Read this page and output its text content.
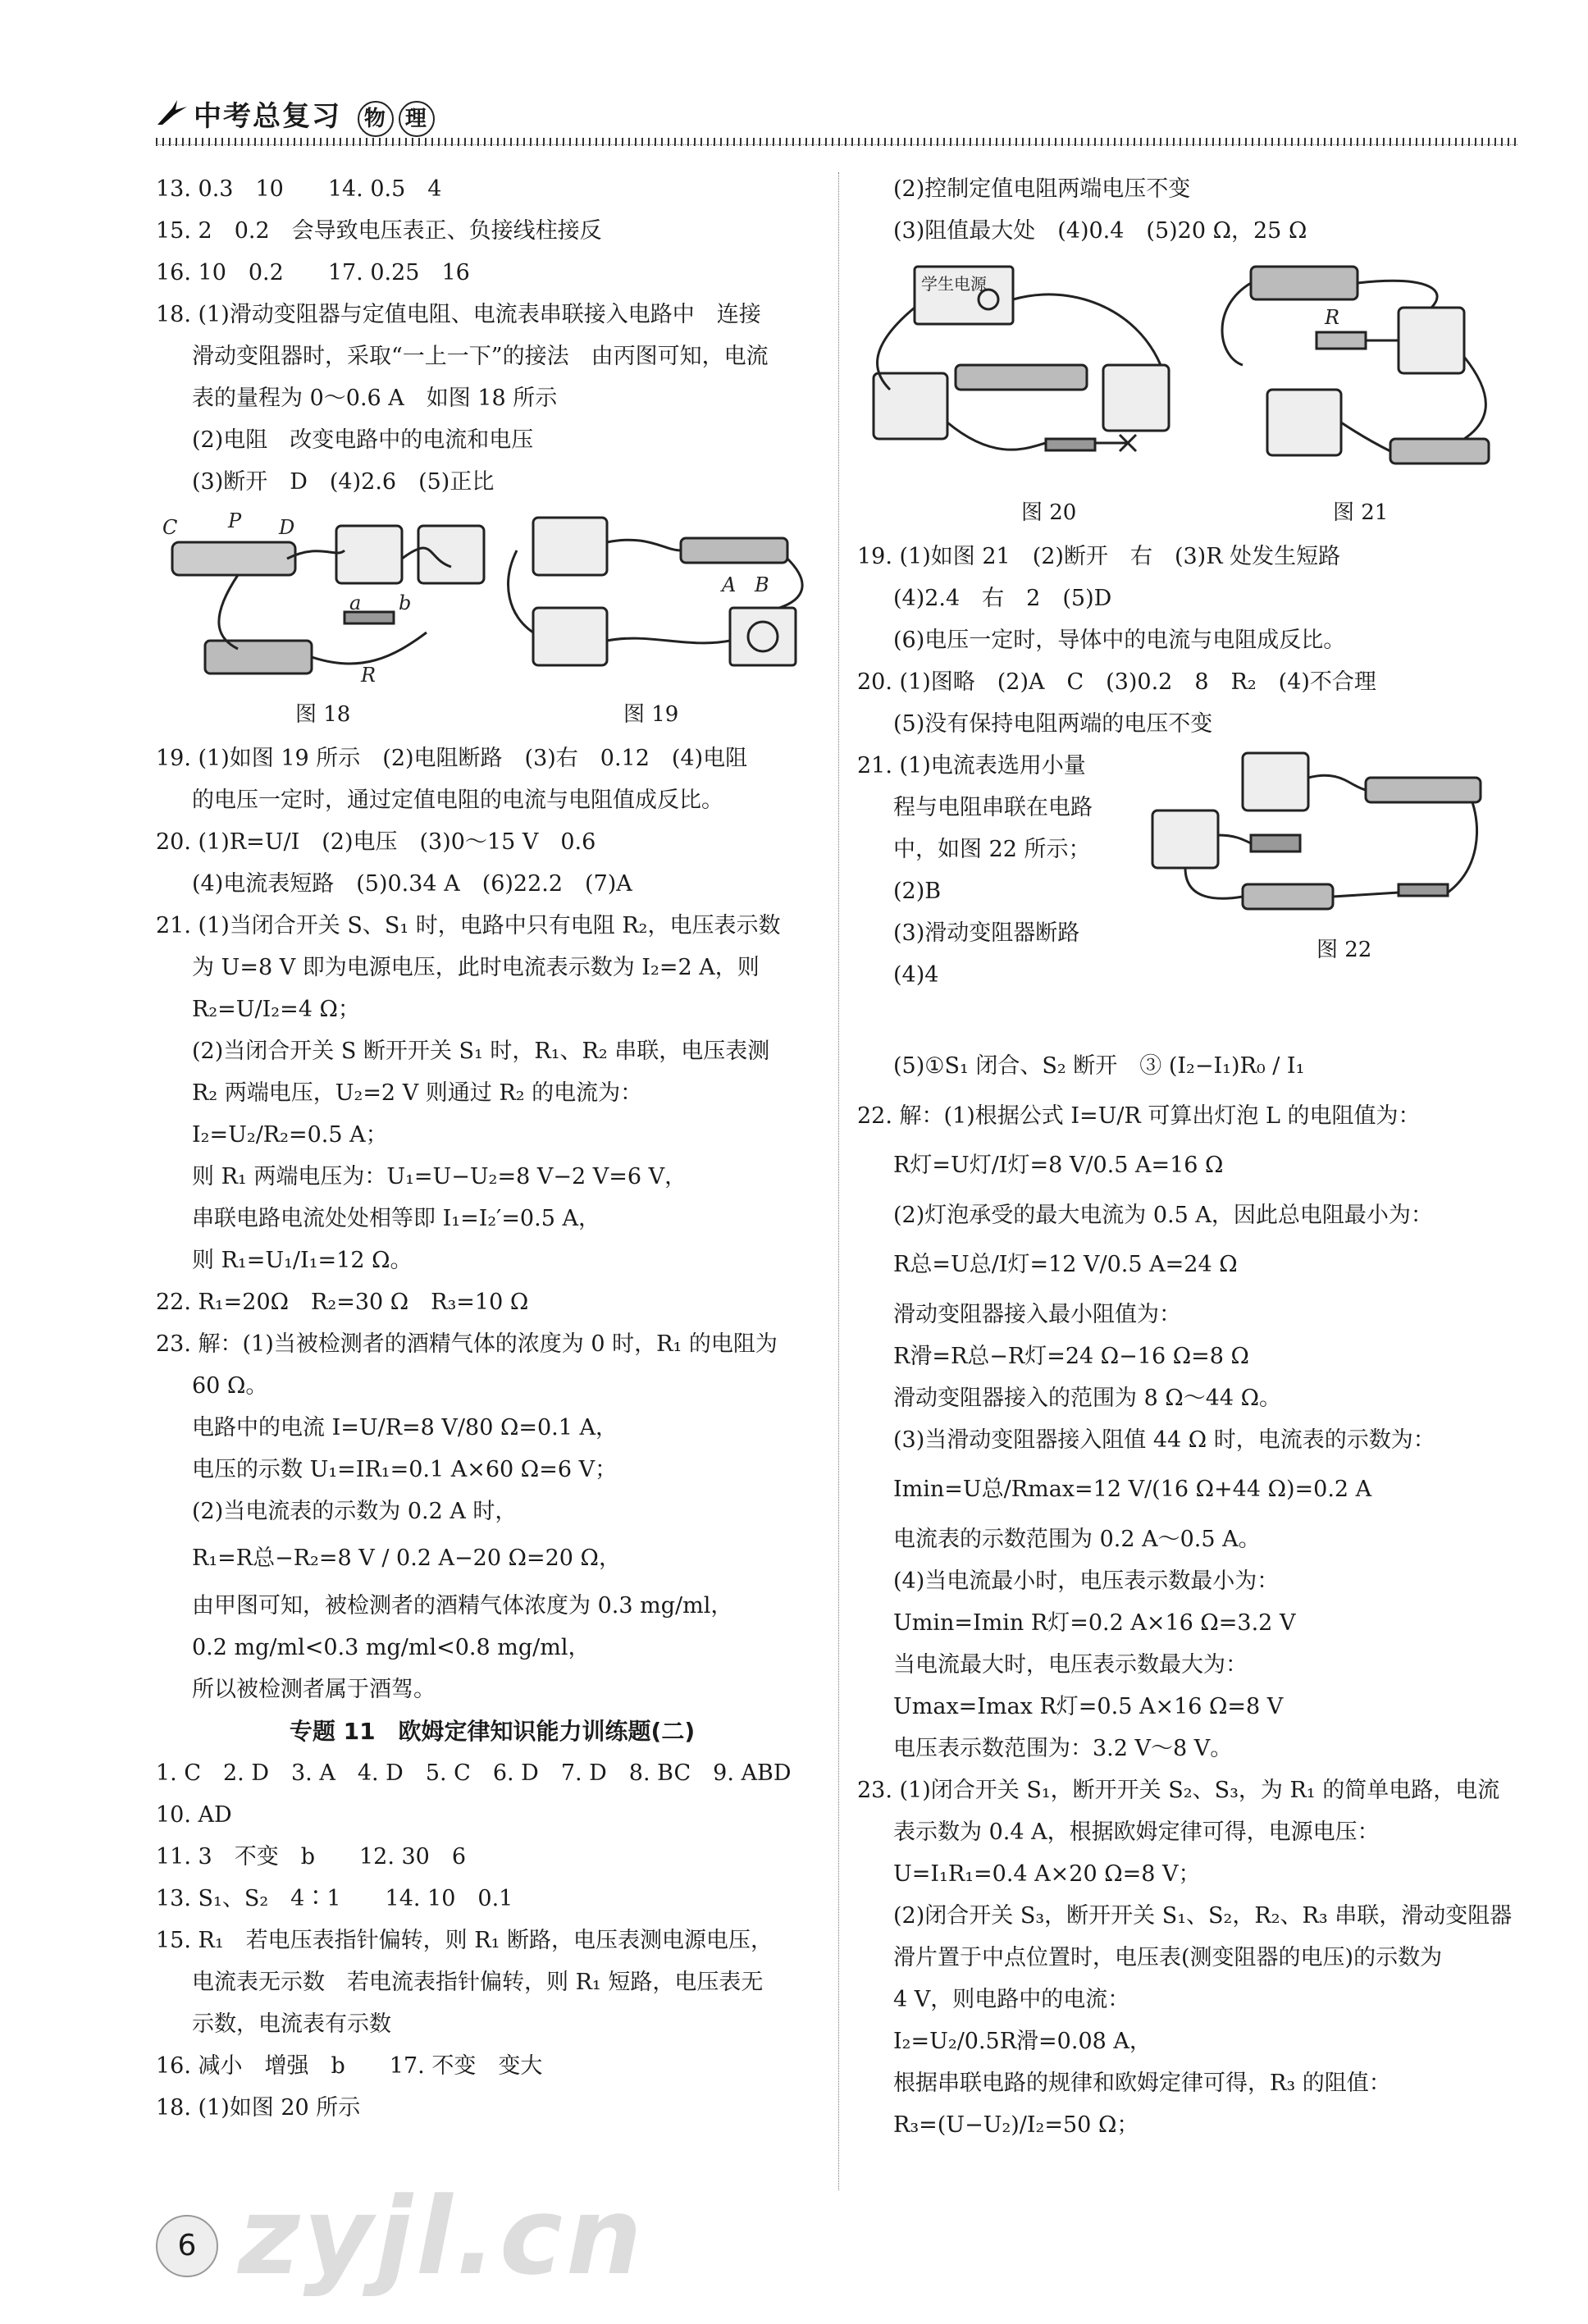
中考总复习 物 理
13. 0.3　10　　14. 0.5　4
15. 2　0.2　会导致电压表正、负接线柱接反
16. 10　0.2　　17. 0.25　16
18. (1)滑动变阻器与定值电阻、电流表串联接入电路中　连接
滑动变阻器时，采取“一上一下”的接法　由丙图可知，电流
表的量程为 0～0.6 A　如图 18 所示
(2)电阻　改变电路中的电流和电压
(3)断开　D　(4)2.6　(5)正比
C	P D
a b
R
A B
图 18	图 19
19. (1)如图 19 所示　(2)电阻断路　(3)右　0.12　(4)电阻
的电压一定时，通过定值电阻的电流与电阻值成反比。
20. (1)R=U/I　(2)电压　(3)0～15 V　0.6
(4)电流表短路　(5)0.34 A　(6)22.2　(7)A
21. (1)当闭合开关 S、S₁ 时，电路中只有电阻 R₂，电压表示数
为 U=8 V 即为电源电压，此时电流表示数为 I₂=2 A，则
R₂=U/I₂=4 Ω；
(2)当闭合开关 S 断开开关 S₁ 时，R₁、R₂ 串联，电压表测
R₂ 两端电压，U₂=2 V 则通过 R₂ 的电流为：
I₂=U₂/R₂=0.5 A；
则 R₁ 两端电压为：U₁=U−U₂=8 V−2 V=6 V，
串联电路电流处处相等即 I₁=I₂′=0.5 A，
则 R₁=U₁/I₁=12 Ω。
22. R₁=20Ω　R₂=30 Ω　R₃=10 Ω
23. 解：(1)当被检测者的酒精气体的浓度为 0 时，R₁ 的电阻为
60 Ω。
电路中的电流 I=U/R=8 V/80 Ω=0.1 A，
电压的示数 U₁=IR₁=0.1 A×60 Ω=6 V；
(2)当电流表的示数为 0.2 A 时，
R₁=R总−R₂=8 V / 0.2 A−20 Ω=20 Ω，
由甲图可知，被检测者的酒精气体浓度为 0.3 mg/ml，
0.2 mg/ml<0.3 mg/ml<0.8 mg/ml，
所以被检测者属于酒驾。
专题 11　欧姆定律知识能力训练题(二)
1. C　2. D　3. A　4. D　5. C　6. D　7. D　8. BC　9. ABD
10. AD
11. 3　不变　b　　12. 30　6
13. S₁、S₂　4∶1　　14. 10　0.1
15. R₁　若电压表指针偏转，则 R₁ 断路，电压表测电源电压，
电流表无示数　若电流表指针偏转，则 R₁ 短路，电压表无
示数，电流表有示数
16. 减小　增强　b　　17. 不变　变大
18. (1)如图 20 所示
(2)控制定值电阻两端电压不变
(3)阻值最大处　(4)0.4　(5)20 Ω，25 Ω
学生电源
R
图 20	图 21
19. (1)如图 21　(2)断开　右　(3)R 处发生短路
(4)2.4　右　2　(5)D
(6)电压一定时，导体中的电流与电阻成反比。
20. (1)图略　(2)A　C　(3)0.2　8　R₂　(4)不合理
(5)没有保持电阻两端的电压不变
21. (1)电流表选用小量
程与电阻串联在电路
中，如图 22 所示；
(2)B
(3)滑动变阻器断路
(4)4
图 22
(5)①S₁ 闭合、S₂ 断开　③ (I₂−I₁)R₀ / I₁
22. 解：(1)根据公式 I=U/R 可算出灯泡 L 的电阻值为：
R灯=U灯/I灯=8 V/0.5 A=16 Ω
(2)灯泡承受的最大电流为 0.5 A，因此总电阻最小为：
R总=U总/I灯=12 V/0.5 A=24 Ω
滑动变阻器接入最小阻值为：
R滑=R总−R灯=24 Ω−16 Ω=8 Ω
滑动变阻器接入的范围为 8 Ω～44 Ω。
(3)当滑动变阻器接入阻值 44 Ω 时，电流表的示数为：
Imin=U总/Rmax=12 V/(16 Ω+44 Ω)=0.2 A
电流表的示数范围为 0.2 A～0.5 A。
(4)当电流最小时，电压表示数最小为：
Umin=Imin R灯=0.2 A×16 Ω=3.2 V
当电流最大时，电压表示数最大为：
Umax=Imax R灯=0.5 A×16 Ω=8 V
电压表示数范围为：3.2 V～8 V。
23. (1)闭合开关 S₁，断开开关 S₂、S₃，为 R₁ 的简单电路，电流
表示数为 0.4 A，根据欧姆定律可得，电源电压：
U=I₁R₁=0.4 A×20 Ω=8 V；
(2)闭合开关 S₃，断开开关 S₁、S₂，R₂、R₃ 串联，滑动变阻器
滑片置于中点位置时，电压表(测变阻器的电压)的示数为
4 V，则电路中的电流：
I₂=U₂/0.5R滑=0.08 A，
根据串联电路的规律和欧姆定律可得，R₃ 的阻值：
R₃=(U−U₂)/I₂=50 Ω；
6 zyjl.cn
